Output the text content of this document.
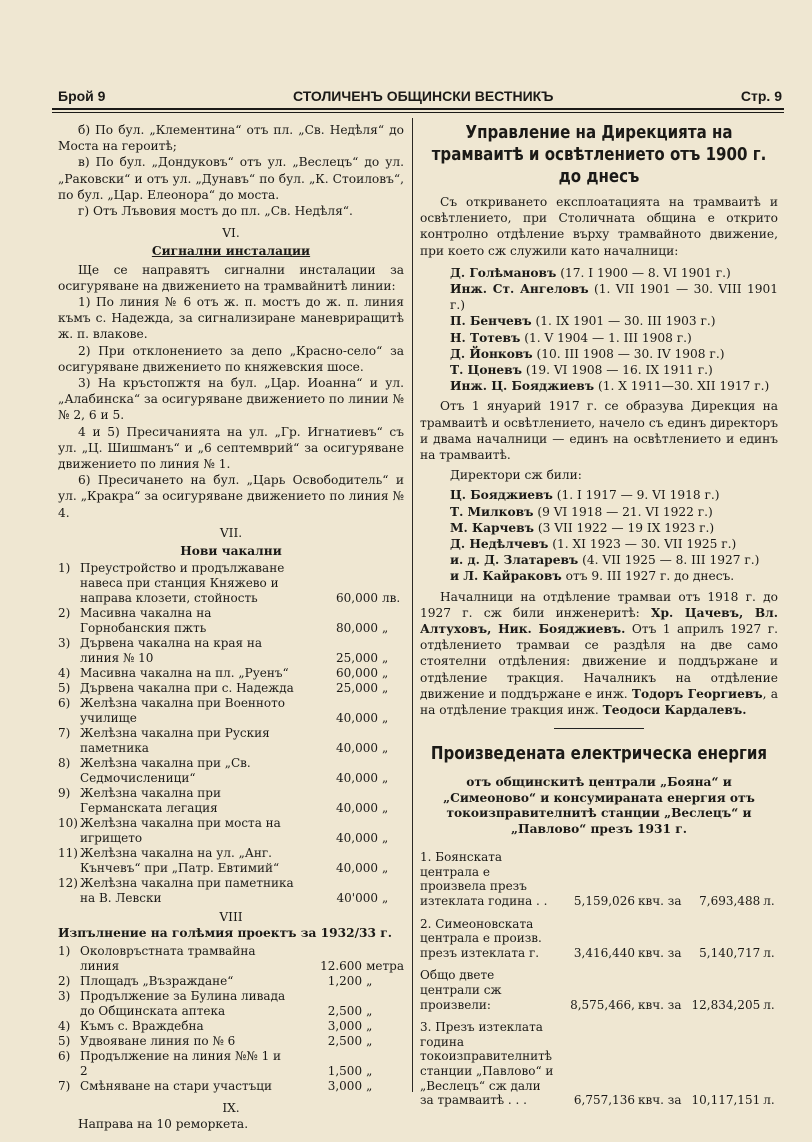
Брой 9	СТОЛИЧЕНЪ ОБЩИНСКИ ВЕСТНИКЪ	Стр. 9

б) По бул. „Клементина“ отъ пл. „Св. Недѣля“ до Моста на героитѣ;

в) По бул. „Дондуковъ“ отъ ул. „Веслецъ“ до ул. „Раковски“ и отъ ул. „Дунавъ“ по бул. „К. Стоиловъ“, по бул. „Цар. Елеонора“ до моста.

г) Отъ Лъвовия мостъ до пл. „Св. Недѣля“.

VI.

Сигнални инсталации

Ще се направятъ сигнални инсталации за осигуряване на движението на трамвайнитѣ линии:

1) По линия № 6 отъ ж. п. мостъ до ж. п. линия къмъ с. Надежда, за сигнализиране маневриращитѣ ж. п. влакове.

2) При отклонението за депо „Красно-село“ за осигуряване движението по княжевския шосе.

3) На кръстопжтя на бул. „Цар. Иоанна“ и ул. „Алабинска“ за осигуряване движението по линии №№ 2, 6 и 5.

4 и 5) Пресичанията на ул. „Гр. Игнатиевъ“ съ ул. „Ц. Шишманъ“ и „6 септемврий“ за осигуряване движението по линия № 1.

6) Пресичането на бул. „Царь Освободитель“ и ул. „Кракра“ за осигуряване движението по линия № 4.

VII.

Нови чакални

1)	Преустройство и продължаване навеса при станция Княжево и направа клозети, стойность	60,000	лв.
2)	Масивна чакална на Горнобанския пжть	80,000	„
3)	Дървена чакална на края на линия № 10	25,000	„
4)	Масивна чакална на пл. „Руенъ“	60,000	„
5)	Дървена чакална при с. Надежда	25,000	„
6)	Желѣзна чакална при Военното училище	40,000	„
7)	Желѣзна чакална при Руския паметника	40,000	„
8)	Желѣзна чакална при „Св. Седмочисленици“	40,000	„
9)	Желѣзна чакална при Германската легация	40,000	„
10)	Желѣзна чакална при моста на игрището	40,000	„
11)	Желѣзна чакална на ул. „Анг. Кънчевъ“ при „Патр. Евтимий“	40,000	„
12)	Желѣзна чакална при паметника на В. Левски	40'000	„

VIII

Изпълнение на голѣмия проектъ за 1932/33 г.

1)	Околовръстната трамвайна линия	12.600	метра
2)	Площадъ „Възраждане“	1,200	„
3)	Продължение за Булина ливада до Общинската аптека	2,500	„
4)	Къмъ с. Враждебна	3,000	„
5)	Удвояване линия по № 6	2,500	„
6)	Продължение на линия №№ 1 и 2	1,500	„
7)	Смѣняване на стари участъци	3,000	„

IX.

Направа на 10 реморкета.

Управление на Дирекцията на трамваитѣ и освѣтлението отъ 1900 г. до днесъ

Съ откриването експлоатацията на трамваитѣ и освѣтлението, при Столичната община е открито контролно отдѣление върху трамвайното движение, при което сж служили като началници:

Д. Голѣмановъ (17. I 1900 — 8. VI 1901 г.)

Инж. Ст. Ангеловъ (1. VII 1901 — 30. VIII 1901 г.)

П. Бенчевъ (1. IX 1901 — 30. III 1903 г.)

Н. Тотевъ (1. V 1904 — 1. III 1908 г.)

Д. Йонковъ (10. III 1908 — 30. IV 1908 г.)

Т. Цоневъ (19. VI 1908 — 16. IX 1911 г.)

Инж. Ц. Бояджиевъ (1. X 1911—30. XII 1917 г.)

Отъ 1 януарий 1917 г. се образува Дирекция на трамваитѣ и освѣтлението, начело съ единъ директоръ и двама началници — единъ на освѣтлението и единъ на трамваитѣ.

Директори сж били:

Ц. Бояджиевъ (1. I 1917 — 9. VI 1918 г.)

Т. Милковъ (9 VI 1918 — 21. VI 1922 г.)

М. Карчевъ (3 VII 1922 — 19 IX 1923 г.)

Д. Недѣлчевъ (1. XI 1923 — 30. VII 1925 г.)

и. д. Д. Златаревъ (4. VII 1925 — 8. III 1927 г.)

и Л. Кайраковъ отъ 9. III 1927 г. до днесъ.

Началници на отдѣление трамваи отъ 1918 г. до 1927 г. сж били инженеритѣ: Хр. Цачевъ, Вл. Алтуховъ, Ник. Бояджиевъ. Отъ 1 априлъ 1927 г. отдѣлението трамваи се раздѣля на две само стоятелни отдѣления: движение и поддържане и отдѣление тракция. Началникъ на отдѣление движение и поддържане е инж. Тодоръ Георгиевъ, а на отдѣление тракция инж. Теодоси Кардалевъ.

Произведената електрическа енергия

отъ общинскитѣ централи „Бояна“ и „Симеоново“ и консумираната енергия отъ токоизправителнитѣ станции „Веслецъ“ и „Павлово“ презъ 1931 г.

1. Боянската централа е произвела презъ изтеклата година . .	5,159,026	квч. за	7,693,488	л.
2. Симеоновската централа е произв. презъ изтеклата г.	3,416,440	квч. за	5,140,717	л.
Общо двете централи сж произвели:	8,575,466,	квч. за	12,834,205	л.
3. Презъ изтеклата година токоизправителнитѣ станции „Павлово“ и „Веслецъ“ сж дали за трамваитѣ . . .	6,757,136	квч. за	10,117,151	л.
